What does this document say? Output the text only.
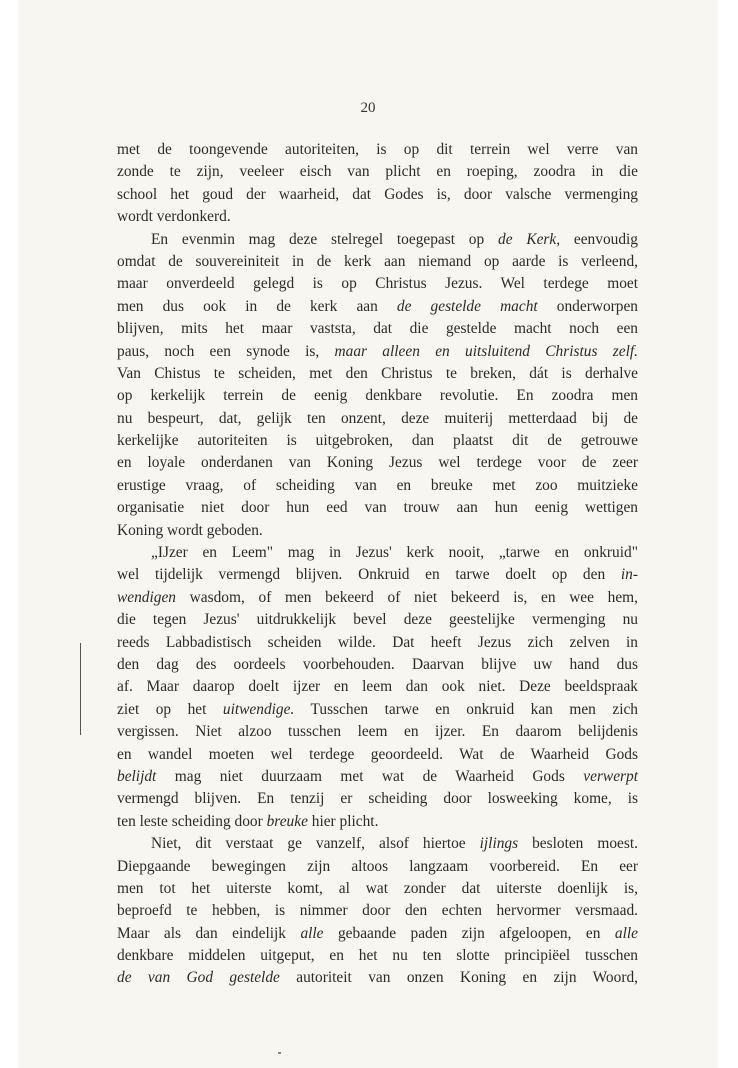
20
met de toongevende autoriteiten, is op dit terrein wel verre van
zonde te zijn, veeleer eisch van plicht en roeping, zoodra in die
school het goud der waarheid, dat Godes is, door valsche vermenging
wordt verdonkerd.
En evenmin mag deze stelregel toegepast op de Kerk, eenvoudig
omdat de souvereiniteit in de kerk aan niemand op aarde is verleend,
maar onverdeeld gelegd is op Christus Jezus. Wel terdege moet
men dus ook in de kerk aan de gestelde macht onderworpen
blijven, mits het maar vaststa, dat die gestelde macht noch een
paus, noch een synode is, maar alleen en uitsluitend Christus zelf.
Van Chistus te scheiden, met den Christus te breken, dát is derhalve
op kerkelijk terrein de eenig denkbare revolutie. En zoodra men
nu bespeurt, dat, gelijk ten onzent, deze muiterij metterdaad bij de
kerkelijke autoriteiten is uitgebroken, dan plaatst dit de getrouwe
en loyale onderdanen van Koning Jezus wel terdege voor de zeer
erustige vraag, of scheiding van en breuke met zoo muitzieke
organisatie niet door hun eed van trouw aan hun eenig wettigen
Koning wordt geboden.
„IJzer en Leem" mag in Jezus' kerk nooit, „tarwe en onkruid"
wel tijdelijk vermengd blijven. Onkruid en tarwe doelt op den in-
wendigen wasdom, of men bekeerd of niet bekeerd is, en wee hem,
die tegen Jezus' uitdrukkelijk bevel deze geestelijke vermenging nu
reeds Labbadistisch scheiden wilde. Dat heeft Jezus zich zelven in
den dag des oordeels voorbehouden. Daarvan blijve uw hand dus
af. Maar daarop doelt ijzer en leem dan ook niet. Deze beeldspraak
ziet op het uitwendige. Tusschen tarwe en onkruid kan men zich
vergissen. Niet alzoo tusschen leem en ijzer. En daarom belijdenis
en wandel moeten wel terdege geoordeeld. Wat de Waarheid Gods
belijdt mag niet duurzaam met wat de Waarheid Gods verwerpt
vermengd blijven. En tenzij er scheiding door losweeking kome, is
ten leste scheiding door breuke hier plicht.
Niet, dit verstaat ge vanzelf, alsof hiertoe ijlings besloten moest.
Diepgaande bewegingen zijn altoos langzaam voorbereid. En eer
men tot het uiterste komt, al wat zonder dat uiterste doenlijk is,
beproefd te hebben, is nimmer door den echten hervormer versmaad.
Maar als dan eindelijk alle gebaande paden zijn afgeloopen, en alle
denkbare middelen uitgeput, en het nu ten slotte principiëel tusschen
de van God gestelde autoriteit van onzen Koning en zijn Woord,
